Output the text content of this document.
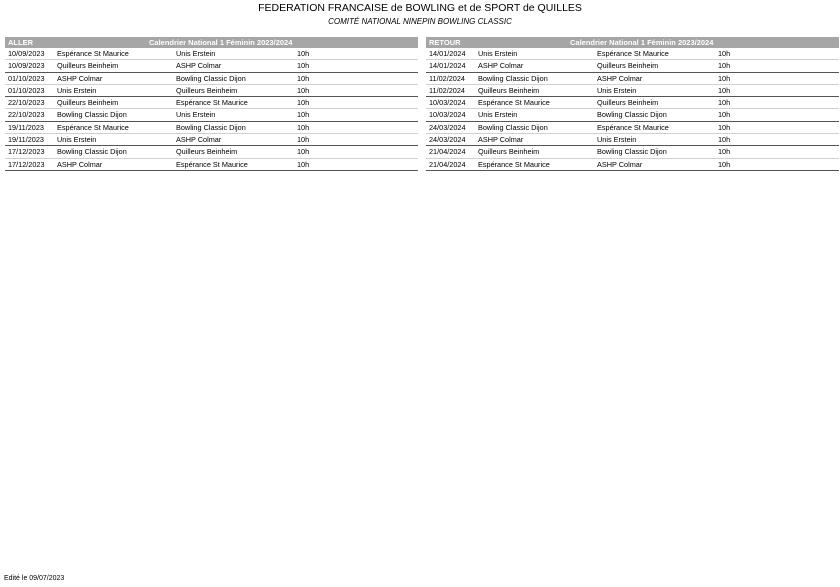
FEDERATION FRANCAISE de BOWLING et de SPORT de QUILLES
COMITÉ NATIONAL NINEPIN BOWLING CLASSIC
ALLER	Calendrier National 1 Féminin 2023/2024
10/09/2023 Espérance St Maurice	Unis Erstein	10h
10/09/2023 Quilleurs Beinheim	ASHP Colmar	10h
01/10/2023 ASHP Colmar	Bowling Classic Dijon	10h
01/10/2023 Unis Erstein	Quilleurs Beinheim	10h
22/10/2023 Quilleurs Beinheim	Espérance St Maurice	10h
22/10/2023 Bowling Classic Dijon	Unis Erstein	10h
19/11/2023 Espérance St Maurice	Bowling Classic Dijon	10h
19/11/2023 Unis Erstein	ASHP Colmar	10h
17/12/2023 Bowling Classic Dijon	Quilleurs Beinheim	10h
17/12/2023 ASHP Colmar	Espérance St Maurice	10h
RETOUR	Calendrier National 1 Féminin 2023/2024
14/01/2024 Unis Erstein	Espérance St Maurice	10h
14/01/2024 ASHP Colmar	Quilleurs Beinheim	10h
11/02/2024 Bowling Classic Dijon	ASHP Colmar	10h
11/02/2024 Quilleurs Beinheim	Unis Erstein	10h
10/03/2024 Espérance St Maurice	Quilleurs Beinheim	10h
10/03/2024 Unis Erstein	Bowling Classic Dijon	10h
24/03/2024 Bowling Classic Dijon	Espérance St Maurice	10h
24/03/2024 ASHP Colmar	Unis Erstein	10h
21/04/2024 Quilleurs Beinheim	Bowling Classic Dijon	10h
21/04/2024 Espérance St Maurice	ASHP Colmar	10h
Edité le 09/07/2023
